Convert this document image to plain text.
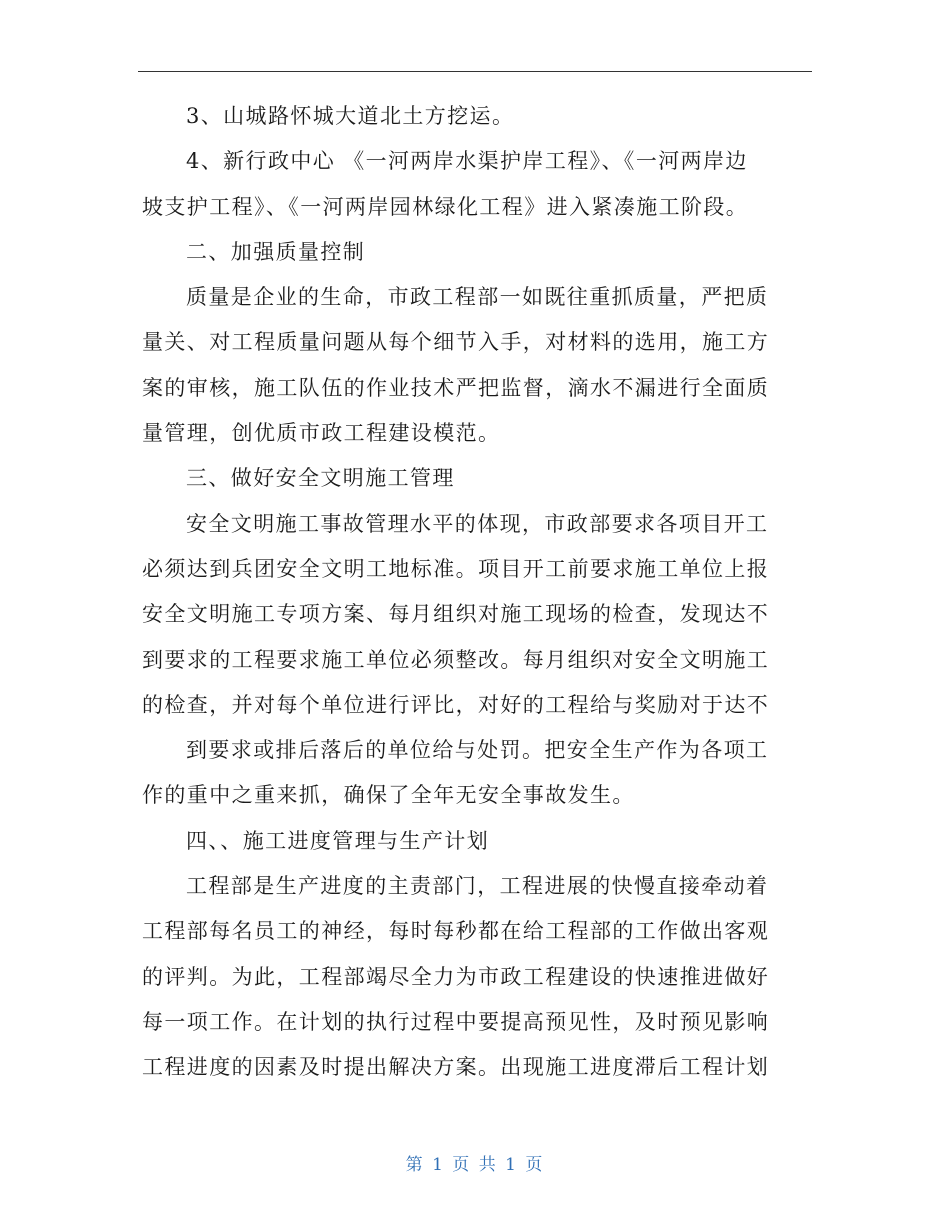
3、山城路怀城大道北土方挖运。
4、新行政中心 《一河两岸水渠护岸工程》、《一河两岸边
坡支护工程》、《一河两岸园林绿化工程》进入紧凑施工阶段。
二、加强质量控制
质量是企业的生命，市政工程部一如既往重抓质量，严把质
量关、对工程质量问题从每个细节入手，对材料的选用，施工方
案的审核，施工队伍的作业技术严把监督，滴水不漏进行全面质
量管理，创优质市政工程建设模范。
三、做好安全文明施工管理
安全文明施工事故管理水平的体现，市政部要求各项目开工
必须达到兵团安全文明工地标准。项目开工前要求施工单位上报
安全文明施工专项方案、每月组织对施工现场的检查，发现达不
到要求的工程要求施工单位必须整改。每月组织对安全文明施工
的检查，并对每个单位进行评比，对好的工程给与奖励对于达不
到要求或排后落后的单位给与处罚。把安全生产作为各项工
作的重中之重来抓，确保了全年无安全事故发生。
四、、施工进度管理与生产计划
工程部是生产进度的主责部门，工程进展的快慢直接牵动着
工程部每名员工的神经，每时每秒都在给工程部的工作做出客观
的评判。为此，工程部竭尽全力为市政工程建设的快速推进做好
每一项工作。在计划的执行过程中要提高预见性，及时预见影响
工程进度的因素及时提出解决方案。出现施工进度滞后工程计划
第 1 页 共 1 页
